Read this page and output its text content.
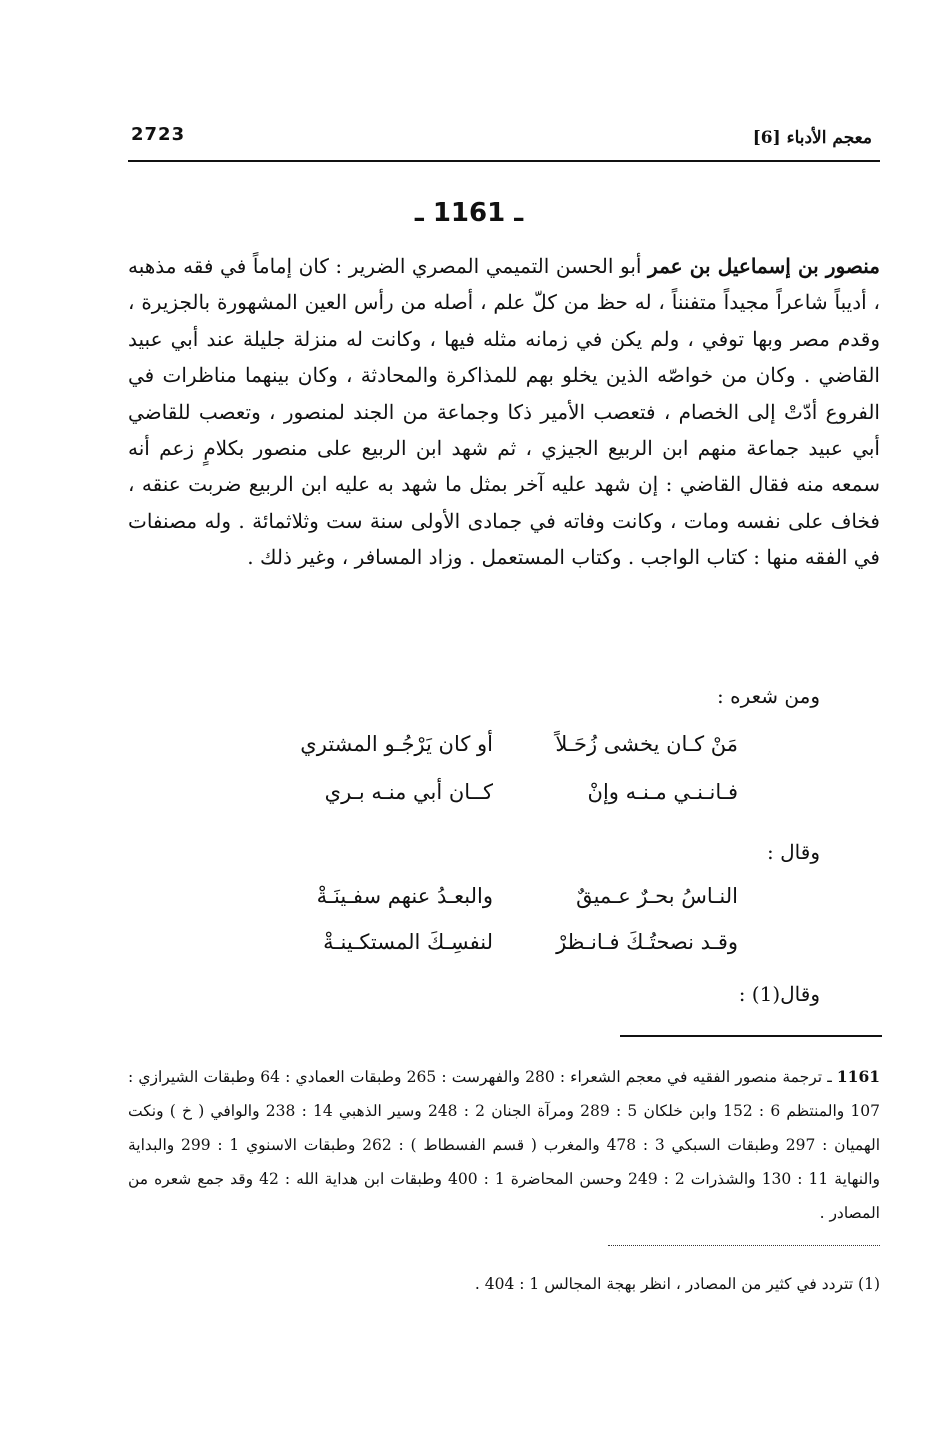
2723	معجم الأدباء [6]
ـ 1161 ـ
منصور بن إسماعيل بن عمر أبو الحسن التميمي المصري الضرير : كان إماماً في فقه مذهبه ، أديباً شاعراً مجيداً متفنناً ، له حظ من كلّ علم ، أصله من رأس العين المشهورة بالجزيرة ، وقدم مصر وبها توفي ، ولم يكن في زمانه مثله فيها ، وكانت له منزلة جليلة عند أبي عبيد القاضي . وكان من خواصّه الذين يخلو بهم للمذاكرة والمحادثة ، وكان بينهما مناظرات في الفروع أدّتْ إلى الخصام ، فتعصب الأمير ذكا وجماعة من الجند لمنصور ، وتعصب للقاضي أبي عبيد جماعة منهم ابن الربيع الجيزي ، ثم شهد ابن الربيع على منصور بكلامٍ زعم أنه سمعه منه فقال القاضي : إن شهد عليه آخر بمثل ما شهد به عليه ابن الربيع ضربت عنقه ، فخاف على نفسه ومات ، وكانت وفاته في جمادى الأولى سنة ست وثلاثمائة . وله مصنفات في الفقه منها : كتاب الواجب . وكتاب المستعمل . وزاد المسافر ، وغير ذلك .
ومن شعره :
مَنْ كـان يخشى زُحَـلاً
أو كان يَرْجُـو المشتري
فـانـنـي مـنـه وإنْ
كــان أبي منـه بـري
وقال :
النـاسُ بحـرٌ عـميقٌ
والبعـدُ عنهم سفـينَـةْ
وقـد نصحتُـكَ فـانـظرْ
لنفسِـكَ المستكـينـةْ
وقال(1) :
1161 ـ ترجمة منصور الفقيه في معجم الشعراء : 280 والفهرست : 265 وطبقات العمادي : 64 وطبقات الشيرازي : 107 والمنتظم 6 : 152 وابن خلكان 5 : 289 ومرآة الجنان 2 : 248 وسير الذهبي 14 : 238 والوافي ( خ ) ونكت الهميان : 297 وطبقات السبكي 3 : 478 والمغرب ( قسم الفسطاط ) : 262 وطبقات الاسنوي 1 : 299 والبداية والنهاية 11 : 130 والشذرات 2 : 249 وحسن المحاضرة 1 : 400 وطبقات ابن هداية الله : 42 وقد جمع شعره من المصادر .
(1) تتردد في كثير من المصادر ، انظر بهجة المجالس 1 : 404 .
